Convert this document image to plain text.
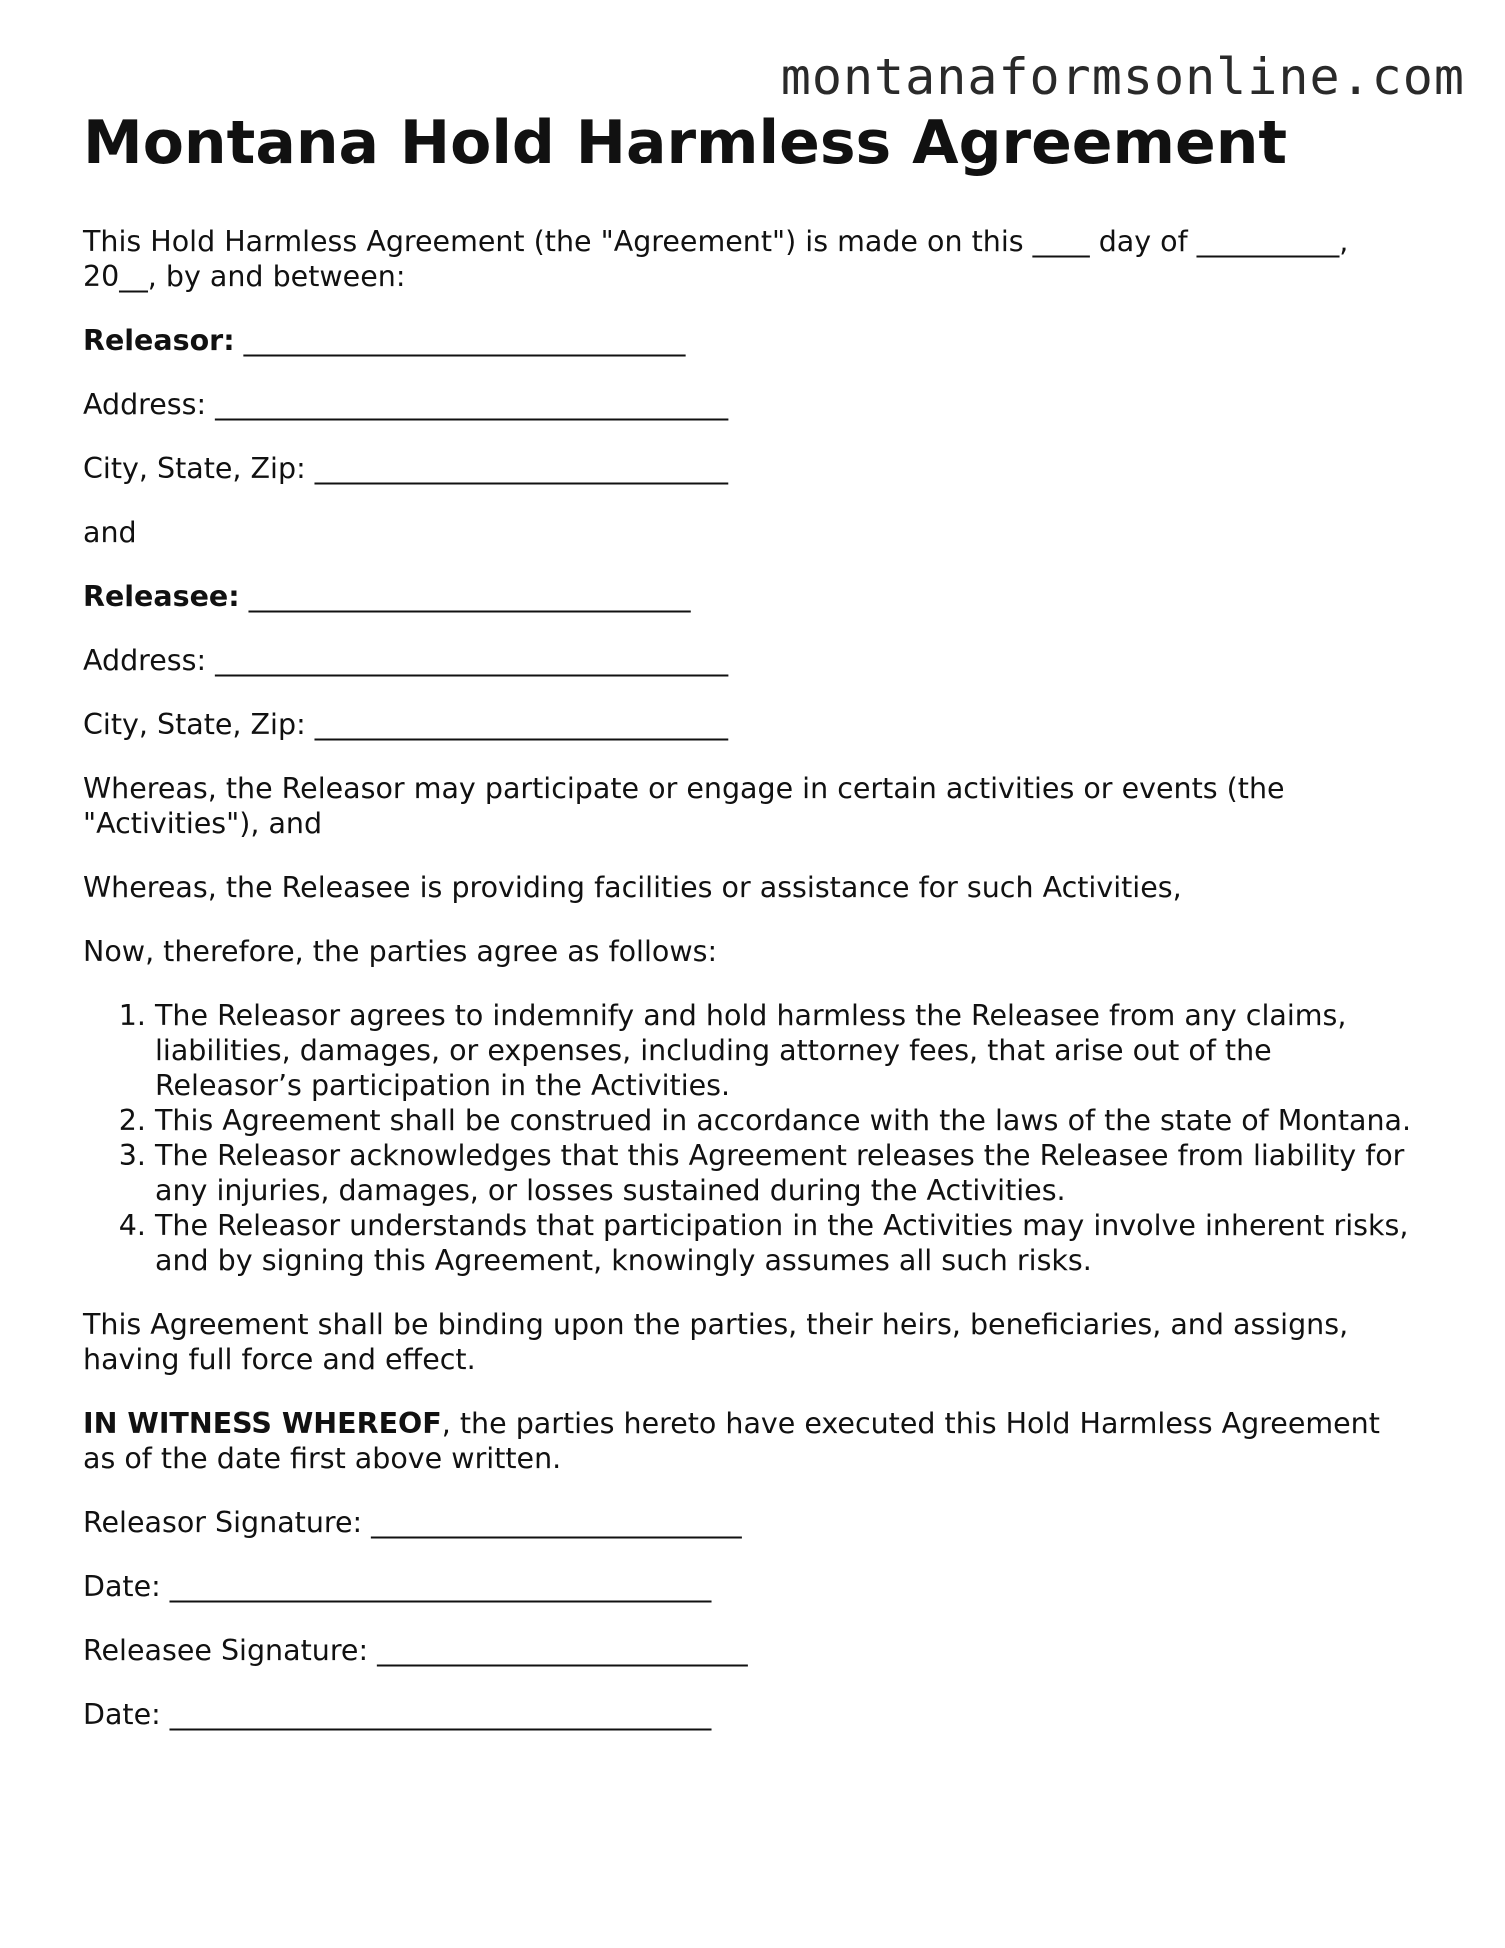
montanaformsonline.com
Montana Hold Harmless Agreement

This Hold Harmless Agreement (the "Agreement") is made on this ____ day of __________, 20__, by and between:

Releasor: _______________________________

Address: ____________________________________

City, State, Zip: _____________________________

and

Releasee: _______________________________

Address: ____________________________________

City, State, Zip: _____________________________

Whereas, the Releasor may participate or engage in certain activities or events (the "Activities"), and

Whereas, the Releasee is providing facilities or assistance for such Activities,

Now, therefore, the parties agree as follows:

1. The Releasor agrees to indemnify and hold harmless the Releasee from any claims, liabilities, damages, or expenses, including attorney fees, that arise out of the Releasor’s participation in the Activities.
2. This Agreement shall be construed in accordance with the laws of the state of Montana.
3. The Releasor acknowledges that this Agreement releases the Releasee from liability for any injuries, damages, or losses sustained during the Activities.
4. The Releasor understands that participation in the Activities may involve inherent risks, and by signing this Agreement, knowingly assumes all such risks.

This Agreement shall be binding upon the parties, their heirs, beneficiaries, and assigns, having full force and effect.

IN WITNESS WHEREOF, the parties hereto have executed this Hold Harmless Agreement as of the date first above written.

Releasor Signature: __________________________

Date: ______________________________________

Releasee Signature: __________________________

Date: ______________________________________
